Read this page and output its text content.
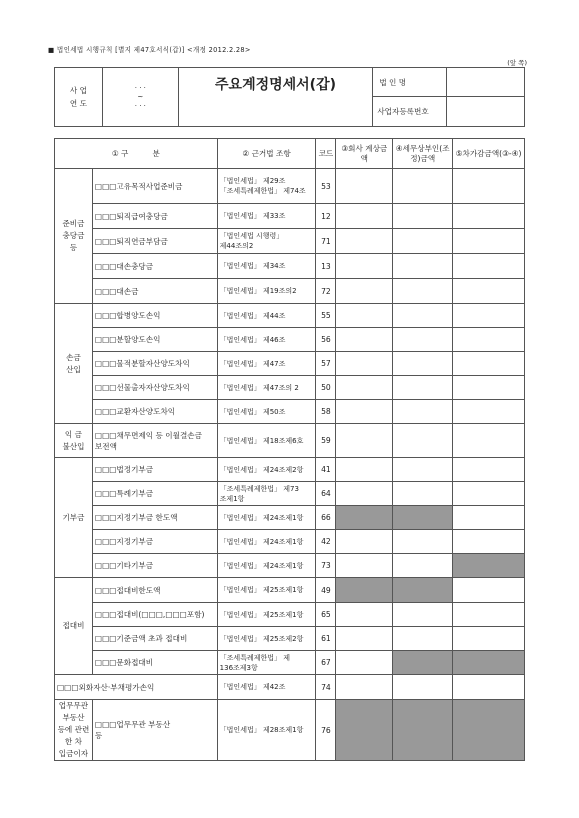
■ 법인세법 시행규칙 [별지 제47호서식(갑)] <개정 2012.2.28>
(앞 쪽)
사 업
연 도	· · ·
~
· · ·	주요계정명세서(갑)	법 인 명	
			사업자등록번호	
① 구          분		② 근거법 조항	코드	③회사 계상금액	④세무상부인(조정)금액	⑤차가감금액(③-④)
준비금
충당금
등	□□□고유목적사업준비금	「법인세법」 제29조
「조세특례제한법」 제74조	53			
	□□□퇴직급여충당금	「법인세법」 제33조	12			
	□□□퇴직연금부담금	「법인세법 시행령」
제44조의2	71			
	□□□대손충당금	「법인세법」 제34조	13			
	□□□대손금	「법인세법」 제19조의2	72			
손금
산입	□□□합병양도손익	「법인세법」 제44조	55			
	□□□분할양도손익	「법인세법」 제46조	56			
	□□□물적분할자산양도차익	「법인세법」 제47조	57			
	□□□선물출자자산양도차익	「법인세법」 제47조의 2	50			
	□□□교환자산양도차익	「법인세법」 제50조	58			
익 금
불산입	□□□채무면제익 등 이월결손금
보전액	「법인세법」 제18조제6호	59			
기부금	□□□법정기부금	「법인세법」 제24조제2항	41			
	□□□특례기부금	「조세특례제한법」 제73
조제1항	64			
	□□□지정기부금 한도액	「법인세법」 제24조제1항	66			
	□□□지정기부금	「법인세법」 제24조제1항	42			
	□□□기타기부금	「법인세법」 제24조제1항	73			
접대비	□□□접대비한도액	「법인세법」 제25조제1항	49			
	□□□접대비(□□□,□□□포함)	「법인세법」 제25조제1항	65			
	□□□기준금액 초과 접대비	「법인세법」 제25조제2항	61			
	□□□문화접대비	「조세특례제한법」 제
136조제3항	67			
□□□외화자산·부채평가손익		「법인세법」 제42조	74			
업무무관부동산
등에 관련한 차
입금이자	□□□업무무관 부동산
등	「법인세법」 제28조제1항	76			
